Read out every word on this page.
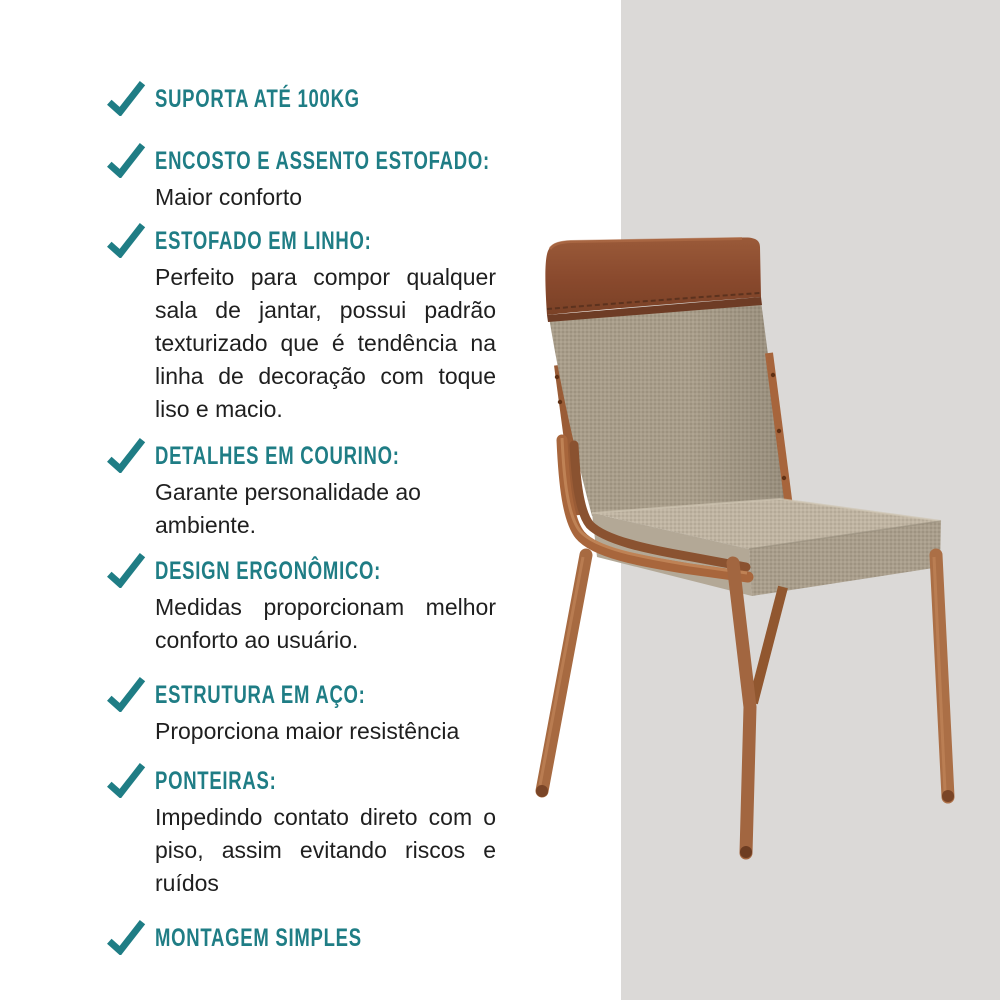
SUPORTA ATÉ 100KG
ENCOSTO E ASSENTO ESTOFADO:

Maior conforto

ESTOFADO EM LINHO:

Perfeito para compor qualquer sala de jantar, possui padrão texturizado que é tendência na linha de decoração com toque liso e macio.

DETALHES EM COURINO:

Garante personalidade ao ambiente.

DESIGN ERGONÔMICO:

Medidas proporcionam melhor conforto ao usuário.

ESTRUTURA EM AÇO:

Proporciona maior resistência

PONTEIRAS:

Impedindo contato direto com o piso, assim evitando riscos e ruídos

MONTAGEM SIMPLES
